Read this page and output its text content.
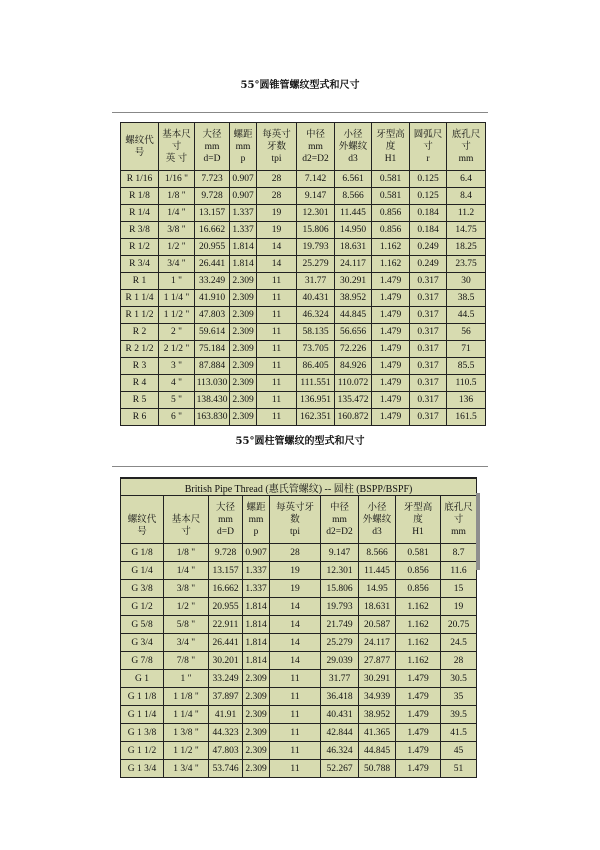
55°圆锥管螺纹型式和尺寸
螺纹代
号	基本尺
寸
英 寸	大径
mm
d=D	螺距
mm
p	每英寸
牙数
tpi	中径
mm
d2=D2	小径
外螺纹
d3	牙型高
度
H1	圆弧尺
寸
r	底孔尺
寸
mm
R 1/16	1/16 "	7.723	0.907	28	7.142	6.561	0.581	0.125	6.4
R 1/8	1/8 "	9.728	0.907	28	9.147	8.566	0.581	0.125	8.4
R 1/4	1/4 "	13.157	1.337	19	12.301	11.445	0.856	0.184	11.2
R 3/8	3/8 "	16.662	1.337	19	15.806	14.950	0.856	0.184	14.75
R 1/2	1/2 "	20.955	1.814	14	19.793	18.631	1.162	0.249	18.25
R 3/4	3/4 "	26.441	1.814	14	25.279	24.117	1.162	0.249	23.75
R 1	1 "	33.249	2.309	11	31.77	30.291	1.479	0.317	30
R 1 1/4	1 1/4 "	41.910	2.309	11	40.431	38.952	1.479	0.317	38.5
R 1 1/2	1 1/2 "	47.803	2.309	11	46.324	44.845	1.479	0.317	44.5
R 2	2 "	59.614	2.309	11	58.135	56.656	1.479	0.317	56
R 2 1/2	2 1/2 "	75.184	2.309	11	73.705	72.226	1.479	0.317	71
R 3	3 "	87.884	2.309	11	86.405	84.926	1.479	0.317	85.5
R 4	4 "	113.030	2.309	11	111.551	110.072	1.479	0.317	110.5
R 5	5 "	138.430	2.309	11	136.951	135.472	1.479	0.317	136
R 6	6 "	163.830	2.309	11	162.351	160.872	1.479	0.317	161.5
55°圆柱管螺纹的型式和尺寸
British Pipe Thread (惠氏管螺纹) -- 圆柱 (BSPP/BSPF)								

螺纹代
号	基本尺
寸	大径
mm
d=D	螺距
mm
p	每英寸牙
数
tpi	中径
mm
d2=D2	小径
外螺纹
d3	牙型高
度
H1	底孔尺
寸
mm
G 1/8	1/8 "	9.728	0.907	28	9.147	8.566	0.581	8.7
G 1/4	1/4 "	13.157	1.337	19	12.301	11.445	0.856	11.6
G 3/8	3/8 "	16.662	1.337	19	15.806	14.95	0.856	15
G 1/2	1/2 "	20.955	1.814	14	19.793	18.631	1.162	19
G 5/8	5/8 "	22.911	1.814	14	21.749	20.587	1.162	20.75
G 3/4	3/4 "	26.441	1.814	14	25.279	24.117	1.162	24.5
G 7/8	7/8 "	30.201	1.814	14	29.039	27.877	1.162	28
G 1	1 "	33.249	2.309	11	31.77	30.291	1.479	30.5
G 1 1/8	1 1/8 "	37.897	2.309	11	36.418	34.939	1.479	35
G 1 1/4	1 1/4 "	41.91	2.309	11	40.431	38.952	1.479	39.5
G 1 3/8	1 3/8 "	44.323	2.309	11	42.844	41.365	1.479	41.5
G 1 1/2	1 1/2 "	47.803	2.309	11	46.324	44.845	1.479	45
G 1 3/4	1 3/4 "	53.746	2.309	11	52.267	50.788	1.479	51
